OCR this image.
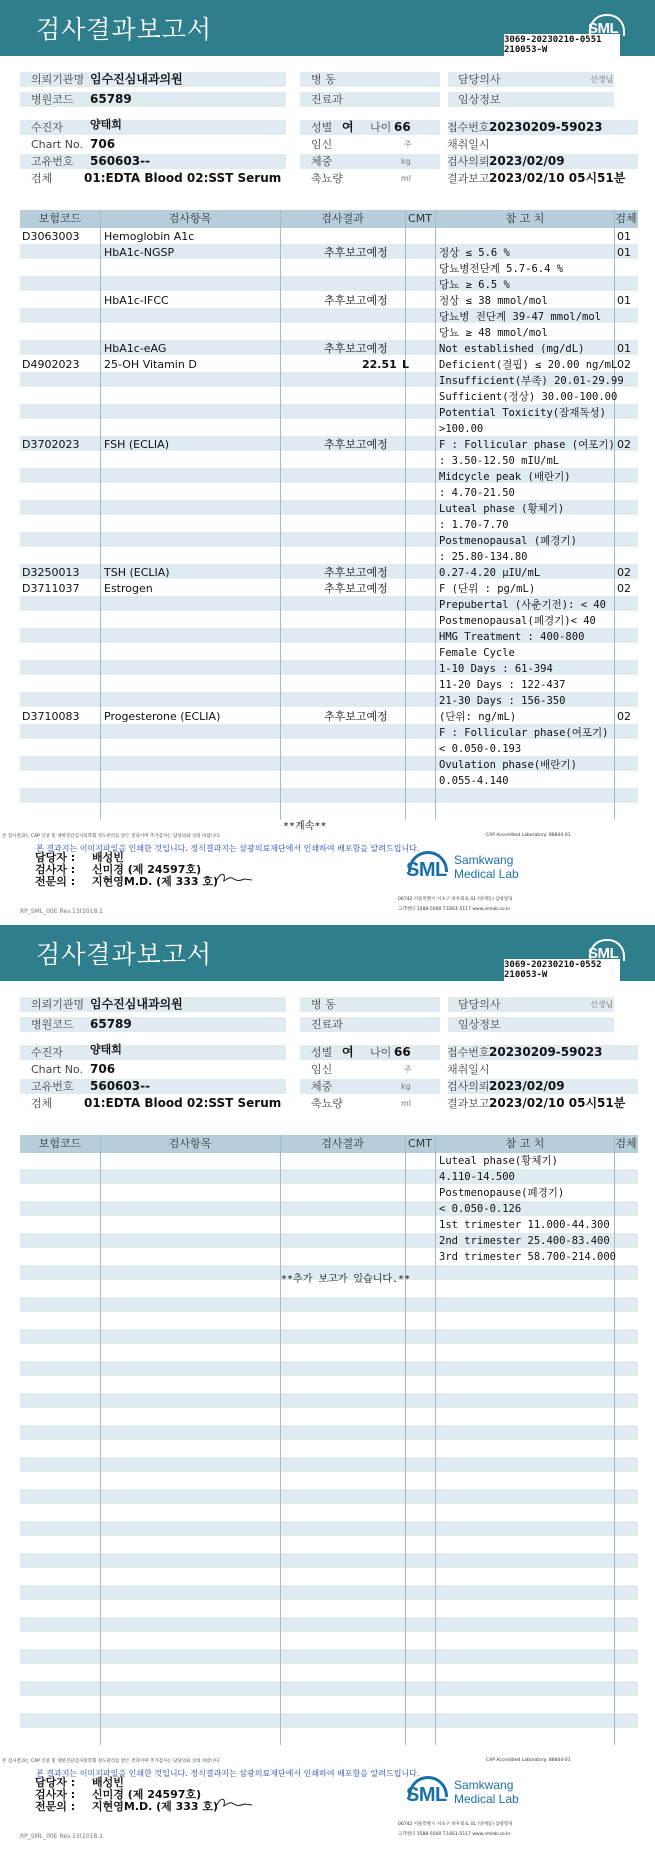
검사결과보고서	3069-20230210-0551
210053-W
SML
의뢰기관명 임수진심내과의원
병원코드 65789
수진자 양태희
Chart No. 706
고유번호 560603--
검체	01:EDTA Blood 02:SST Serum
병 동
진료과
성별 여 나이 66
임신	주
체중	kg
축뇨량	ml
담당의사	선생님
임상정보
접수번호 20230209-59023
채취일시
검사의뢰 2023/02/09
결과보고 2023/02/10 05시51분
보험코드	검사항목	검사결과	CMT	참 고 치	검체
D3063003 Hemoglobin A1c	01
HbA1c-NGSP	추후보고예정	정상 ≤ 5.6 %	01
당뇨병전단계 5.7-6.4 %
당뇨 ≥ 6.5 %
HbA1c-IFCC	추후보고예정	정상 ≤ 38 mmol/mol	01
당뇨병 전단계 39-47 mmol/mol
당뇨 ≥ 48 mmol/mol
HbA1c-eAG	추후보고예정	Not established (mg/dL)	01
D4902023 25-OH Vitamin D	22.51 L	Deficient(결핍) ≤ 20.00 ng/mL 02
Insufficient(부족) 20.01-29.99
Sufficient(정상) 30.00-100.00
Potential Toxicity(잠재독성)
>100.00
D3702023 FSH (ECLIA)	추후보고예정	F : Follicular phase (여포기) 02
: 3.50-12.50 mIU/mL
Midcycle peak (배란기)
: 4.70-21.50
Luteal phase (황체기)
: 1.70-7.70
Postmenopausal (폐경기)
: 25.80-134.80
D3250013 TSH (ECLIA)	추후보고예정	0.27-4.20 µIU/mL	02
D3711037 Estrogen	추후보고예정	F (단위 : pg/mL)	02
Prepubertal (사춘기전): < 40
Postmenopausal(폐경기)< 40
HMG Treatment : 400-800
Female Cycle
1-10 Days : 61-394
11-20 Days : 122-437
21-30 Days : 156-350
D3710083 Progesterone (ECLIA)	추후보고예정	(단위: ng/mL)	02
F : Follicular phase(여포기)
< 0.050-0.193
Ovulation phase(배란기)
0.055-4.140
**계속**
본 검사결과는 CAP 인증 및 대한진단검사의학회 정도관리를 받은 결과이며 추가검사는 담당의와 상의 바랍니다.	CAP Accredited Laboratory: 88844-01
본 결과지는 이미지파일을 인쇄한 것입니다. 정식결과지는 삼광의료재단에서 인쇄하여 배포함을 알려드립니다.
담당자 : 배성빈
검사자 : 신미경 (제 24597호)
전문의 : 지현영M.D. (제 333 호)
SML Samkwang
Medical Lab
06742 서울특별시 서초구 바우뫼로 41 (양재동) 삼광빌딩
고객센터 1588-5000 T.1661-5117 www.smlab.co.kr
RP_SML_00E Rev.13(2018.1
검사결과보고서	3069-20230210-0552
210053-W
SML
의뢰기관명 임수진심내과의원
병원코드 65789
수진자 양태희
Chart No. 706
고유번호 560603--
검체	01:EDTA Blood 02:SST Serum
병 동
진료과
성별 여 나이 66
임신	주
체중	kg
축뇨량	ml
담당의사	선생님
임상정보
접수번호 20230209-59023
채취일시
검사의뢰 2023/02/09
결과보고 2023/02/10 05시51분
보험코드	검사항목	검사결과	CMT	참 고 치	검체
Luteal phase(황체기)
4.110-14.500
Postmenopause(폐경기)
< 0.050-0.126
1st trimester 11.000-44.300
2nd trimester 25.400-83.400
3rd trimester 58.700-214.000
**추가 보고가 있습니다.**
본 검사결과는 CAP 인증 및 대한진단검사의학회 정도관리를 받은 결과이며 추가검사는 담당의와 상의 바랍니다.	CAP Accredited Laboratory: 88844-01
본 결과지는 이미지파일을 인쇄한 것입니다. 정식결과지는 삼광의료재단에서 인쇄하여 배포함을 알려드립니다.
담당자 : 배성빈
검사자 : 신미경 (제 24597호)
전문의 : 지현영M.D. (제 333 호)
SML Samkwang
Medical Lab
06742 서울특별시 서초구 바우뫼로 41 (양재동) 삼광빌딩
고객센터 1588-5000 T.1661-5117 www.smlab.co.kr
RP_SML_00E Rev.13(2018.1
